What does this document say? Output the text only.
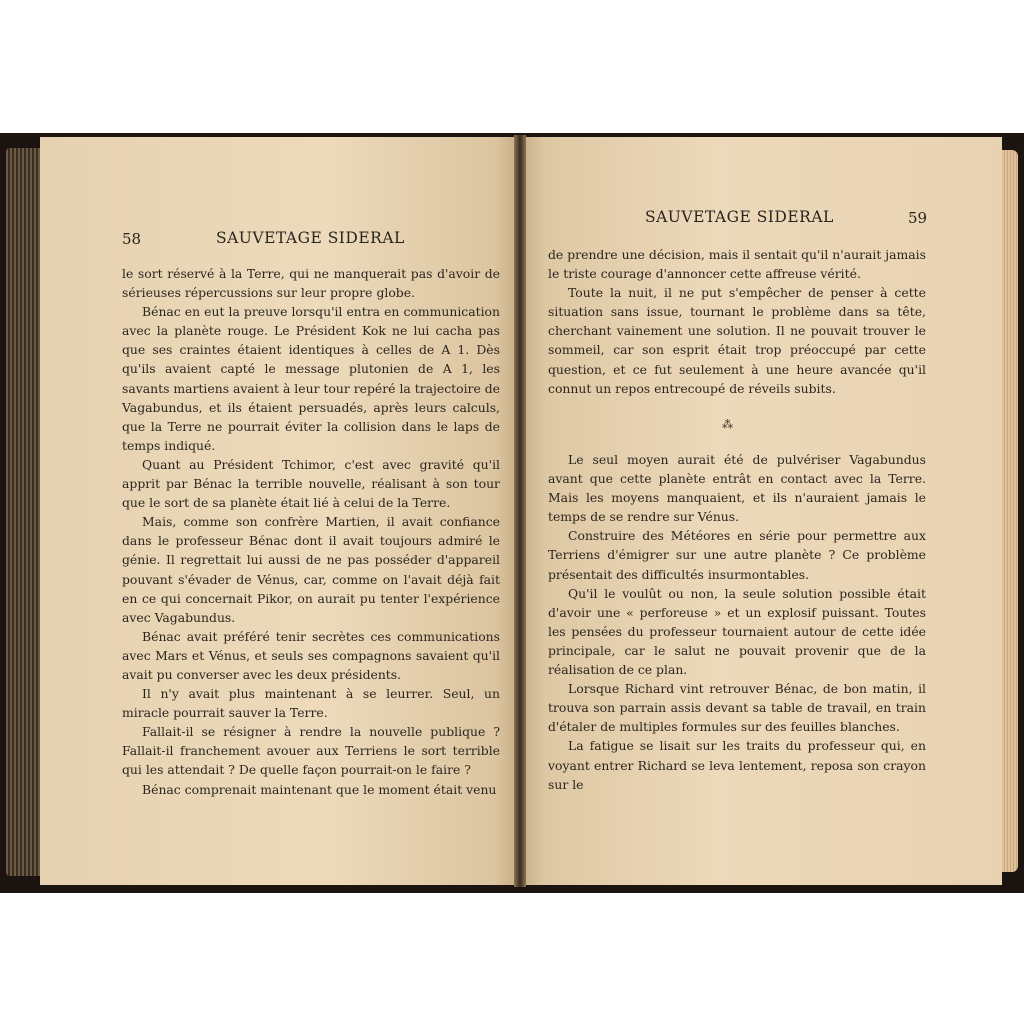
58	SAUVETAGE SIDERAL
SAUVETAGE SIDERAL	59

le sort réservé à la Terre, qui ne manquerait pas d'avoir de sérieuses répercussions sur leur propre globe.

Bénac en eut la preuve lorsqu'il entra en communication avec la planète rouge. Le Président Kok ne lui cacha pas que ses craintes étaient identiques à celles de A 1. Dès qu'ils avaient capté le message plutonien de A 1, les savants martiens avaient à leur tour repéré la trajectoire de Vagabundus, et ils étaient persuadés, après leurs calculs, que la Terre ne pourrait éviter la collision dans le laps de temps indiqué.

Quant au Président Tchimor, c'est avec gravité qu'il apprit par Bénac la terrible nouvelle, réalisant à son tour que le sort de sa planète était lié à celui de la Terre.

Mais, comme son confrère Martien, il avait confiance dans le professeur Bénac dont il avait toujours admiré le génie. Il regrettait lui aussi de ne pas posséder d'appareil pouvant s'évader de Vénus, car, comme on l'avait déjà fait en ce qui concernait Pikor, on aurait pu tenter l'expérience avec Vagabundus.

Bénac avait préféré tenir secrètes ces communications avec Mars et Vénus, et seuls ses compagnons savaient qu'il avait pu converser avec les deux présidents.

Il n'y avait plus maintenant à se leurrer. Seul, un miracle pourrait sauver la Terre.

Fallait-il se résigner à rendre la nouvelle publique ? Fallait-il franchement avouer aux Terriens le sort terrible qui les attendait ? De quelle façon pourrait-on le faire ?

Bénac comprenait maintenant que le moment était venu

de prendre une décision, mais il sentait qu'il n'aurait jamais le triste courage d'annoncer cette affreuse vérité.

Toute la nuit, il ne put s'empêcher de penser à cette situation sans issue, tournant le problème dans sa tête, cherchant vainement une solution. Il ne pouvait trouver le sommeil, car son esprit était trop préoccupé par cette question, et ce fut seulement à une heure avancée qu'il connut un repos entrecoupé de réveils subits.

⁂

Le seul moyen aurait été de pulvériser Vagabundus avant que cette planète entrât en contact avec la Terre. Mais les moyens manquaient, et ils n'auraient jamais le temps de se rendre sur Vénus.

Construire des Météores en série pour permettre aux Terriens d'émigrer sur une autre planète ? Ce problème présentait des difficultés insurmontables.

Qu'il le voulût ou non, la seule solution possible était d'avoir une « perforeuse » et un explosif puissant. Toutes les pensées du professeur tournaient autour de cette idée principale, car le salut ne pouvait provenir que de la réalisation de ce plan.

Lorsque Richard vint retrouver Bénac, de bon matin, il trouva son parrain assis devant sa table de travail, en train d'étaler de multiples formules sur des feuilles blanches.

La fatigue se lisait sur les traits du professeur qui, en voyant entrer Richard se leva lentement, reposa son crayon sur le
